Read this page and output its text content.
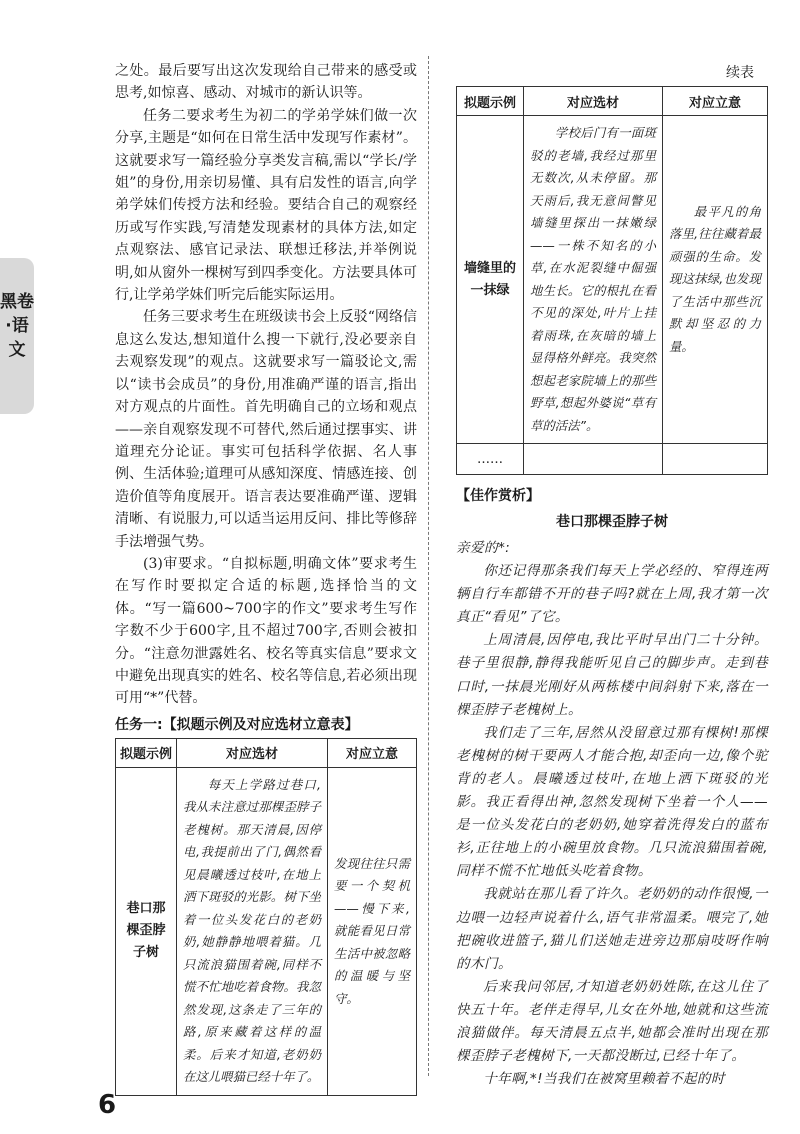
黑卷·语文

之处。最后要写出这次发现给自己带来的感受或思考,如惊喜、感动、对城市的新认识等。

任务二要求考生为初二的学弟学妹们做一次分享,主题是“如何在日常生活中发现写作素材”。这就要求写一篇经验分享类发言稿,需以“学长/学姐”的身份,用亲切易懂、具有启发性的语言,向学弟学妹们传授方法和经验。要结合自己的观察经历或写作实践,写清楚发现素材的具体方法,如定点观察法、感官记录法、联想迁移法,并举例说明,如从窗外一棵树写到四季变化。方法要具体可行,让学弟学妹们听完后能实际运用。

任务三要求考生在班级读书会上反驳“网络信息这么发达,想知道什么搜一下就行,没必要亲自去观察发现”的观点。这就要求写一篇驳论文,需以“读书会成员”的身份,用准确严谨的语言,指出对方观点的片面性。首先明确自己的立场和观点——亲自观察发现不可替代,然后通过摆事实、讲道理充分论证。事实可包括科学依据、名人事例、生活体验;道理可从感知深度、情感连接、创造价值等角度展开。语言表达要准确严谨、逻辑清晰、有说服力,可以适当运用反问、排比等修辞手法增强气势。

(3)审要求。“自拟标题,明确文体”要求考生在写作时要拟定合适的标题,选择恰当的文体。“写一篇600~700字的作文”要求考生写作字数不少于600字,且不超过700字,否则会被扣分。“注意勿泄露姓名、校名等真实信息”要求文中避免出现真实的姓名、校名等信息,若必须出现可用“*”代替。

任务一:【拟题示例及对应选材立意表】
拟题示例	对应选材	对应立意
巷口那棵歪脖子树	每天上学路过巷口,我从未注意过那棵歪脖子老槐树。那天清晨,因停电,我提前出了门,偶然看见晨曦透过枝叶,在地上洒下斑驳的光影。树下坐着一位头发花白的老奶奶,她静静地喂着猫。几只流浪猫围着碗,同样不慌不忙地吃着食物。我忽然发现,这条走了三年的路,原来藏着这样的温柔。后来才知道,老奶奶在这儿喂猫已经十年了。	发现往往只需要一个契机——慢下来,就能看见日常生活中被忽略的温暖与坚守。
续表
拟题示例	对应选材	对应立意
墙缝里的一抹绿	学校后门有一面斑驳的老墙,我经过那里无数次,从未停留。那天雨后,我无意间瞥见墙缝里探出一抹嫩绿——一株不知名的小草,在水泥裂缝中倔强地生长。它的根扎在看不见的深处,叶片上挂着雨珠,在灰暗的墙上显得格外鲜亮。我突然想起老家院墙上的那些野草,想起外婆说“草有草的活法”。	最平凡的角落里,往往藏着最顽强的生命。发现这抹绿,也发现了生活中那些沉默却坚忍的力量。
……		
【佳作赏析】
巷口那棵歪脖子树

亲爱的*:

你还记得那条我们每天上学必经的、窄得连两辆自行车都错不开的巷子吗?就在上周,我才第一次真正“看见”了它。

上周清晨,因停电,我比平时早出门二十分钟。巷子里很静,静得我能听见自己的脚步声。走到巷口时,一抹晨光刚好从两栋楼中间斜射下来,落在一棵歪脖子老槐树上。

我们走了三年,居然从没留意过那有棵树!那棵老槐树的树干要两人才能合抱,却歪向一边,像个驼背的老人。晨曦透过枝叶,在地上洒下斑驳的光影。我正看得出神,忽然发现树下坐着一个人——是一位头发花白的老奶奶,她穿着洗得发白的蓝布衫,正往地上的小碗里放食物。几只流浪猫围着碗,同样不慌不忙地低头吃着食物。

我就站在那儿看了许久。老奶奶的动作很慢,一边喂一边轻声说着什么,语气非常温柔。喂完了,她把碗收进篮子,猫儿们送她走进旁边那扇吱呀作响的木门。

后来我问邻居,才知道老奶奶姓陈,在这儿住了快五十年。老伴走得早,儿女在外地,她就和这些流浪猫做伴。每天清晨五点半,她都会准时出现在那棵歪脖子老槐树下,一天都没断过,已经十年了。

十年啊,*!当我们在被窝里赖着不起的时

6
